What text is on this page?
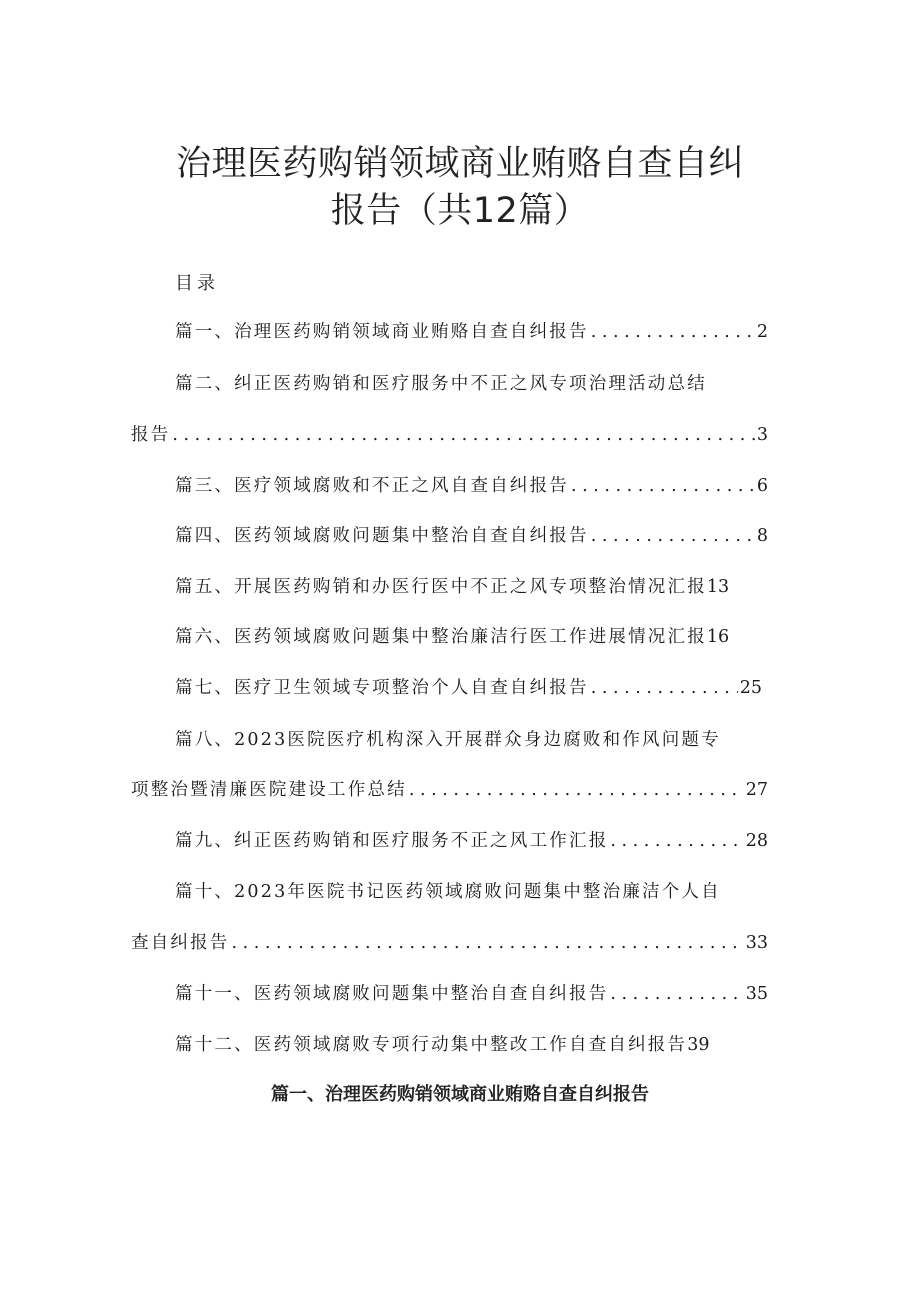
治理医药购销领域商业贿赂自查自纠
报告（共12篇）
目录
篇一、治理医药购销领域商业贿赂自查自纠报告 . . .	2
篇二、纠正医药购销和医疗服务中不正之风专项治理活动总结
报告 . . .	3
篇三、医疗领域腐败和不正之风自查自纠报告 . . .	6
篇四、医药领域腐败问题集中整治自查自纠报告 . . .	8
篇五、开展医药购销和办医行医中不正之风专项整治情况汇报13
篇六、医药领域腐败问题集中整治廉洁行医工作进展情况汇报16
篇七、医疗卫生领域专项整治个人自查自纠报告 . . .	25
篇八、2023医院医疗机构深入开展群众身边腐败和作风问题专
项整治暨清廉医院建设工作总结 . . .	27
篇九、纠正医药购销和医疗服务不正之风工作汇报 . . .	28
篇十、2023年医院书记医药领域腐败问题集中整治廉洁个人自
查自纠报告 . . .	33
篇十一、医药领域腐败问题集中整治自查自纠报告 . . .	35
篇十二、医药领域腐败专项行动集中整改工作自查自纠报告39
篇一、治理医药购销领域商业贿赂自查自纠报告
